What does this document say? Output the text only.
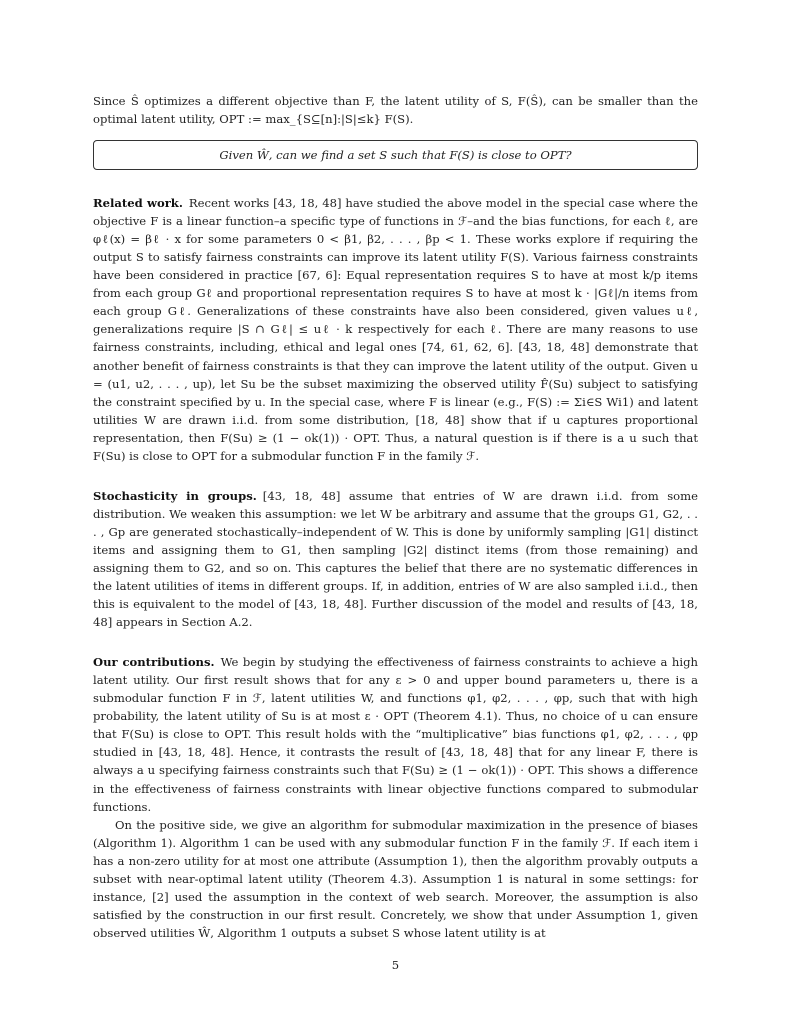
Since Ŝ optimizes a different objective than F, the latent utility of S, F(Ŝ), can be smaller than the optimal latent utility, OPT := max_{S⊆[n]:|S|≤k} F(S).

Given Ŵ, can we find a set S such that F(S) is close to OPT?

Related work. Recent works [43, 18, 48] have studied the above model in the special case where the objective F is a linear function–a specific type of functions in ℱ–and the bias functions, for each ℓ, are φℓ(x) = βℓ · x for some parameters 0 < β1, β2, . . . , βp < 1. These works explore if requiring the output S to satisfy fairness constraints can improve its latent utility F(S). Various fairness constraints have been considered in practice [67, 6]: Equal representation requires S to have at most k/p items from each group Gℓ and proportional representation requires S to have at most k · |Gℓ|/n items from each group Gℓ. Generalizations of these constraints have also been considered, given values uℓ, generalizations require |S ∩ Gℓ| ≤ uℓ · k respectively for each ℓ. There are many reasons to use fairness constraints, including, ethical and legal ones [74, 61, 62, 6]. [43, 18, 48] demonstrate that another benefit of fairness constraints is that they can improve the latent utility of the output. Given u = (u1, u2, . . . , up), let Su be the subset maximizing the observed utility F̂(Su) subject to satisfying the constraint specified by u. In the special case, where F is linear (e.g., F(S) := Σi∈S Wi1) and latent utilities W are drawn i.i.d. from some distribution, [18, 48] show that if u captures proportional representation, then F(Su) ≥ (1 − ok(1)) · OPT. Thus, a natural question is if there is a u such that F(Su) is close to OPT for a submodular function F in the family ℱ.

Stochasticity in groups. [43, 18, 48] assume that entries of W are drawn i.i.d. from some distribution. We weaken this assumption: we let W be arbitrary and assume that the groups G1, G2, . . . , Gp are generated stochastically–independent of W. This is done by uniformly sampling |G1| distinct items and assigning them to G1, then sampling |G2| distinct items (from those remaining) and assigning them to G2, and so on. This captures the belief that there are no systematic differences in the latent utilities of items in different groups. If, in addition, entries of W are also sampled i.i.d., then this is equivalent to the model of [43, 18, 48]. Further discussion of the model and results of [43, 18, 48] appears in Section A.2.

Our contributions. We begin by studying the effectiveness of fairness constraints to achieve a high latent utility. Our first result shows that for any ε > 0 and upper bound parameters u, there is a submodular function F in ℱ, latent utilities W, and functions φ1, φ2, . . . , φp, such that with high probability, the latent utility of Su is at most ε · OPT (Theorem 4.1). Thus, no choice of u can ensure that F(Su) is close to OPT. This result holds with the “multiplicative” bias functions φ1, φ2, . . . , φp studied in [43, 18, 48]. Hence, it contrasts the result of [43, 18, 48] that for any linear F, there is always a u specifying fairness constraints such that F(Su) ≥ (1 − ok(1)) · OPT. This shows a difference in the effectiveness of fairness constraints with linear objective functions compared to submodular functions.

On the positive side, we give an algorithm for submodular maximization in the presence of biases (Algorithm 1). Algorithm 1 can be used with any submodular function F in the family ℱ. If each item i has a non-zero utility for at most one attribute (Assumption 1), then the algorithm provably outputs a subset with near-optimal latent utility (Theorem 4.3). Assumption 1 is natural in some settings: for instance, [2] used the assumption in the context of web search. Moreover, the assumption is also satisfied by the construction in our first result. Concretely, we show that under Assumption 1, given observed utilities Ŵ, Algorithm 1 outputs a subset S whose latent utility is at

5
